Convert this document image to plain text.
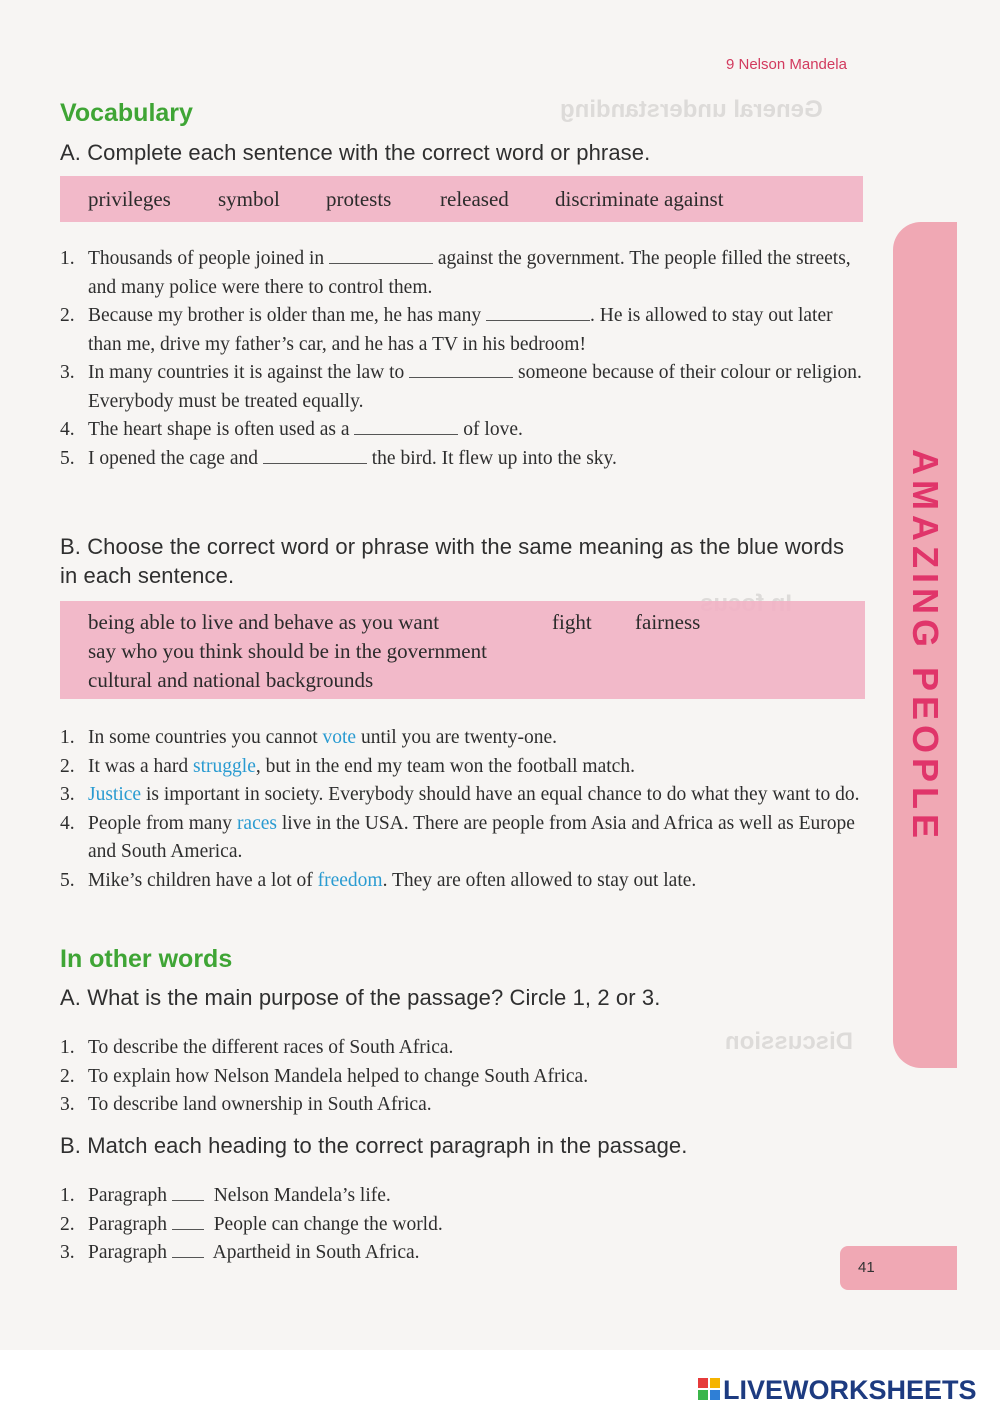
General understanding
Discussion
9 Nelson Mandela
Vocabulary
A. Complete each sentence with the correct word or phrase.
privileges symbol protests released discriminate against
1. Thousands of people joined in	against the government. The people filled the streets, and many police were there to control them.
2. Because my brother is older than me, he has many	. He is allowed to stay out later than me, drive my father’s car, and he has a TV in his bedroom!
3. In many countries it is against the law to	someone because of their colour or religion. Everybody must be treated equally.
4. The heart shape is often used as a	of love.
5. I opened the cage and	the bird. It flew up into the sky.
B. Choose the correct word or phrase with the same meaning as the blue words in each sentence.
being able to live and behave as you want	fight fairness
say who you think should be in the government
cultural and national backgrounds
1. In some countries you cannot vote until you are twenty-one.
2. It was a hard struggle, but in the end my team won the football match.
3. Justice is important in society. Everybody should have an equal chance to do what they want to do.
4. People from many races live in the USA. There are people from Asia and Africa as well as Europe and South America.
5. Mike’s children have a lot of freedom. They are often allowed to stay out late.
In other words
A. What is the main purpose of the passage? Circle 1, 2 or 3.
1. To describe the different races of South Africa.
2. To explain how Nelson Mandela helped to change South Africa.
3. To describe land ownership in South Africa.
B. Match each heading to the correct paragraph in the passage.
1. Paragraph Nelson Mandela’s life.
2. Paragraph People can change the world.
3. Paragraph Apartheid in South Africa.
AMAZING PEOPLE
41
LIVEWORKSHEETS
